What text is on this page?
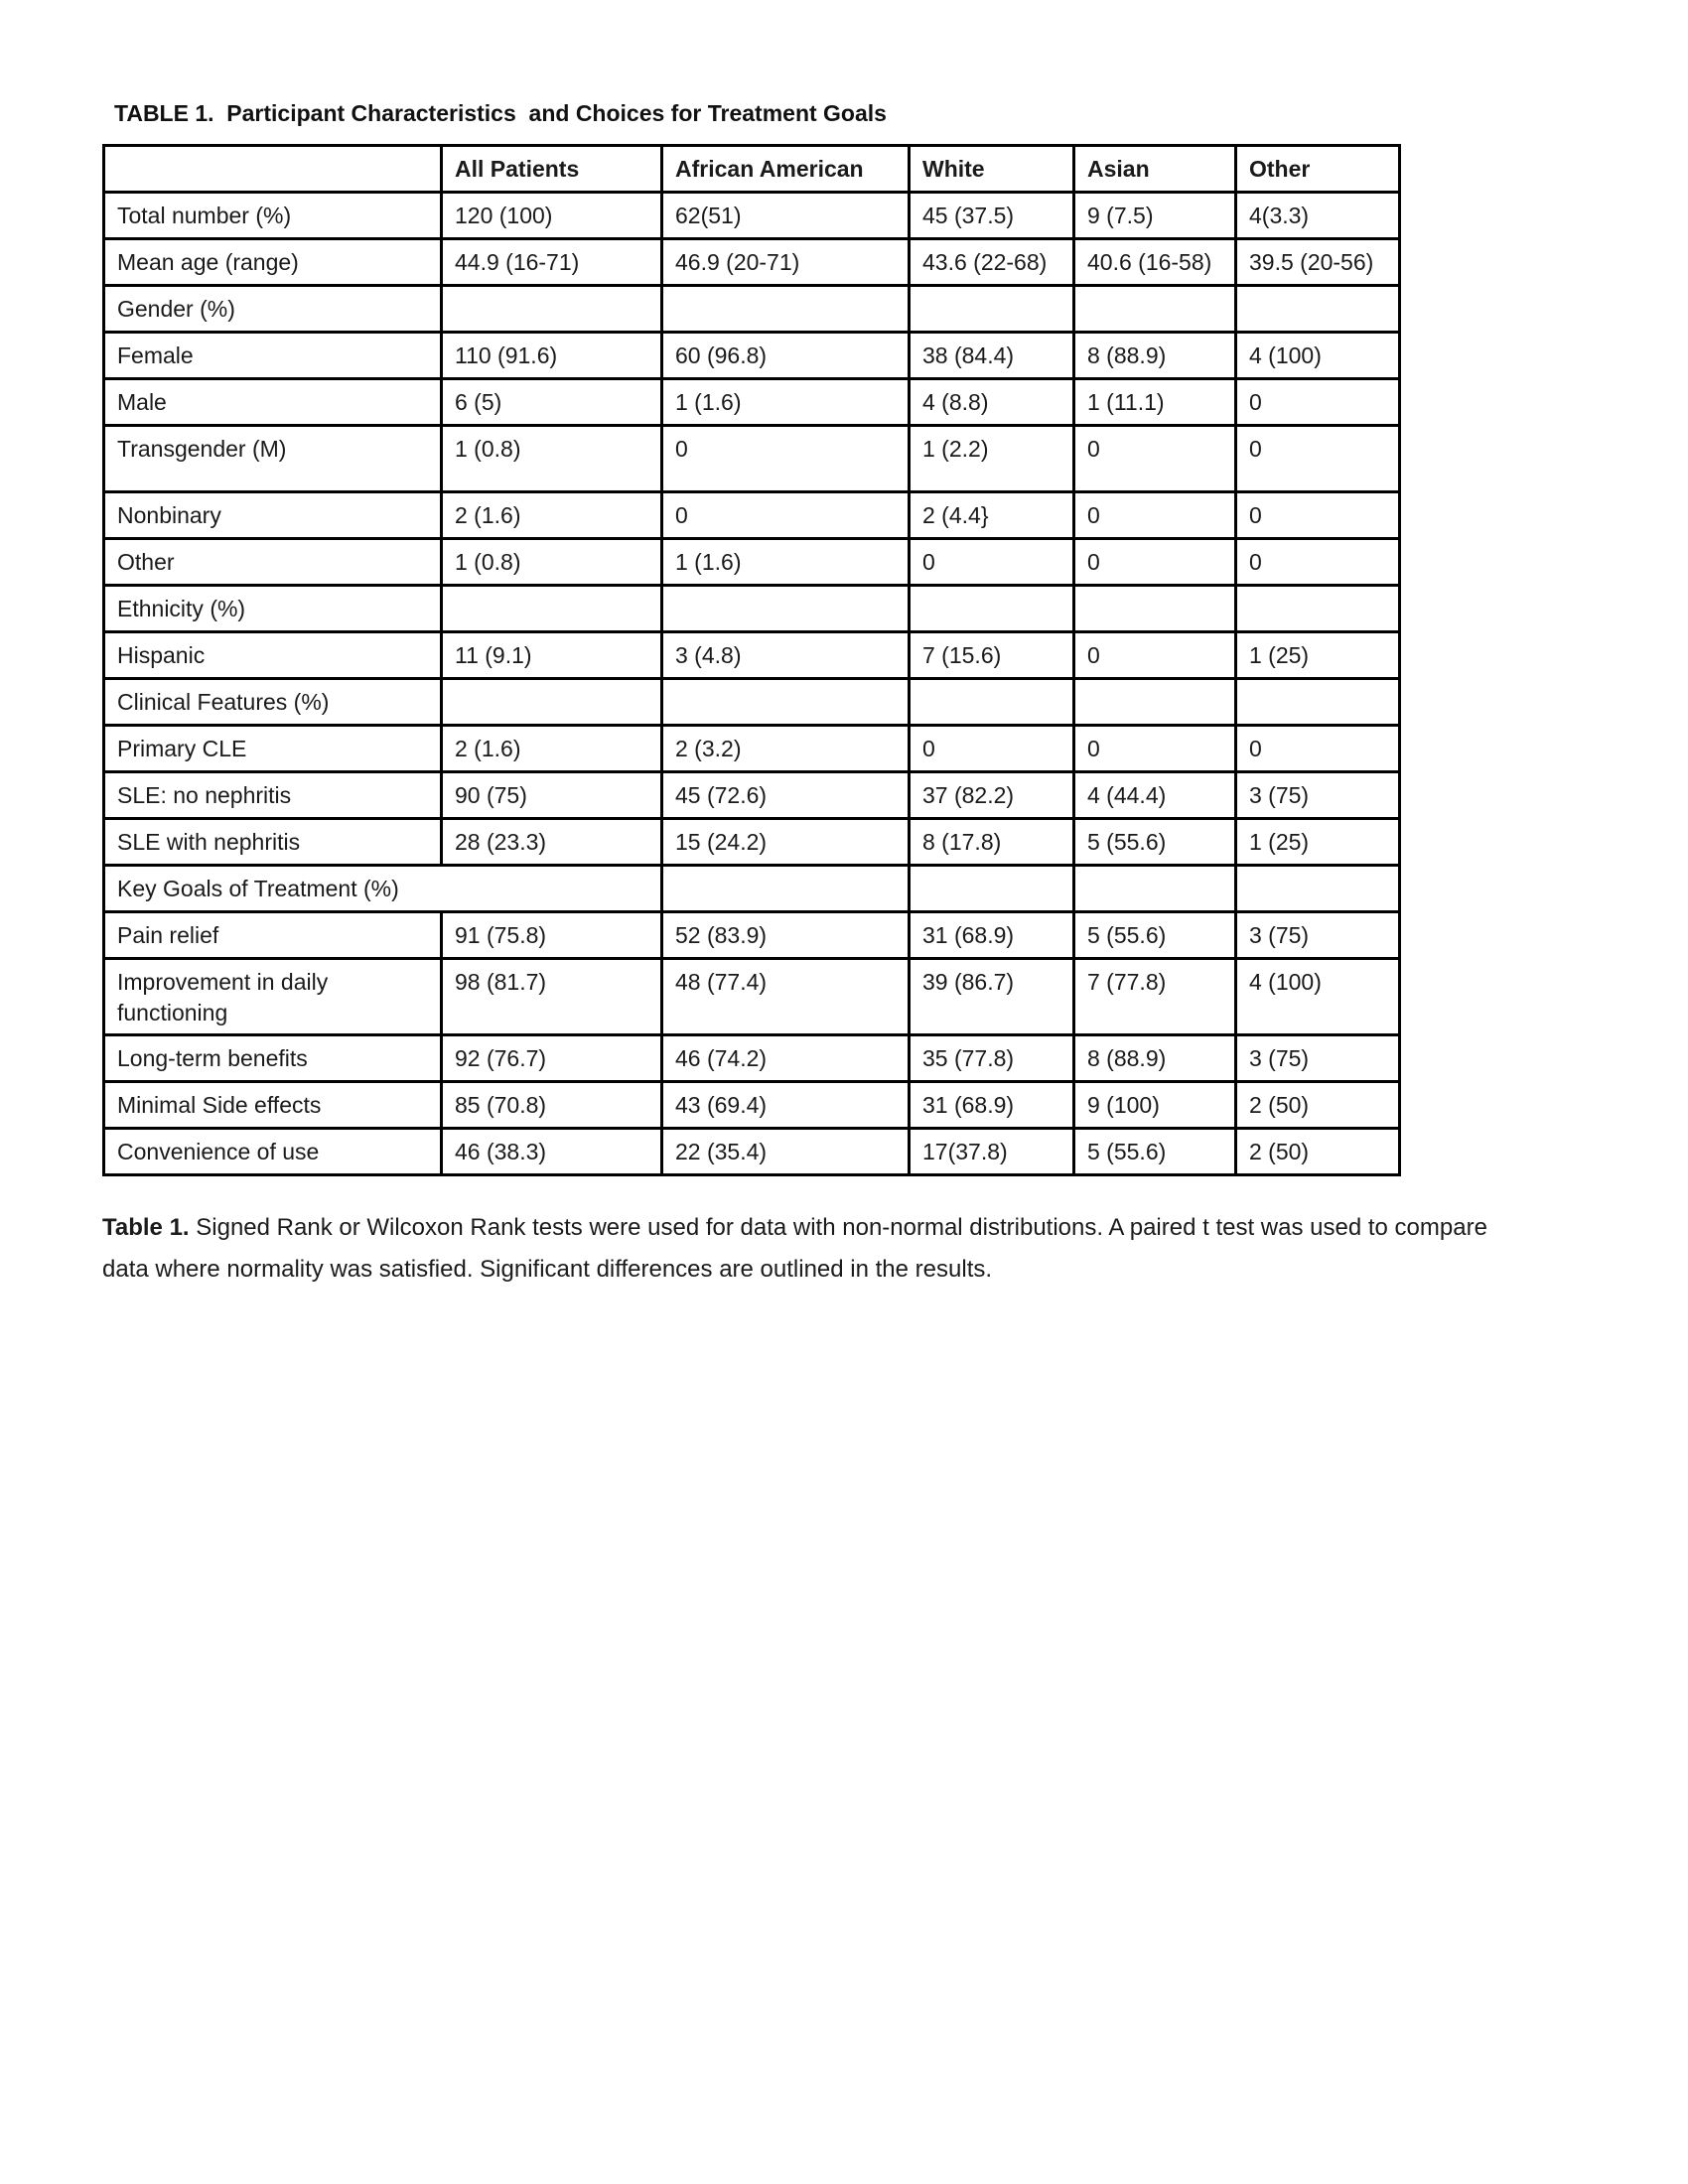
TABLE 1.  Participant Characteristics  and Choices for Treatment Goals
	All Patients	African American	White	Asian	Other
Total number (%)	120 (100)	62(51)	45 (37.5)	9 (7.5)	4(3.3)
Mean age (range)	44.9 (16-71)	46.9 (20-71)	43.6 (22-68)	40.6 (16-58)	39.5 (20-56)
Gender (%)					
Female	110 (91.6)	60 (96.8)	38 (84.4)	8 (88.9)	4 (100)
Male	6 (5)	1 (1.6)	4 (8.8)	1 (11.1)	0
Transgender (M)	1 (0.8)	0	1 (2.2)	0	0
Nonbinary	2 (1.6)	0	2 (4.4}	0	0
Other	1 (0.8)	1 (1.6)	0	0	0
Ethnicity (%)					
Hispanic	11 (9.1)	3 (4.8)	7 (15.6)	0	1 (25)
Clinical Features (%)					
Primary CLE	2 (1.6)	2 (3.2)	0	0	0
SLE: no nephritis	90 (75)	45 (72.6)	37 (82.2)	4 (44.4)	3 (75)
SLE with nephritis	28 (23.3)	15 (24.2)	8 (17.8)	5 (55.6)	1 (25)
Key Goals of Treatment (%)					
Pain relief	91 (75.8)	52 (83.9)	31 (68.9)	5 (55.6)	3 (75)
Improvement in daily functioning	98 (81.7)	48 (77.4)	39 (86.7)	7 (77.8)	4 (100)
Long-term benefits	92 (76.7)	46 (74.2)	35 (77.8)	8 (88.9)	3 (75)
Minimal Side effects	85 (70.8)	43 (69.4)	31 (68.9)	9 (100)	2 (50)
Convenience of use	46 (38.3)	22 (35.4)	17(37.8)	5 (55.6)	2 (50)

Table 1. Signed Rank or Wilcoxon Rank tests were used for data with non-normal distributions. A paired t test was used to compare data where normality was satisfied. Significant differences are outlined in the results.
